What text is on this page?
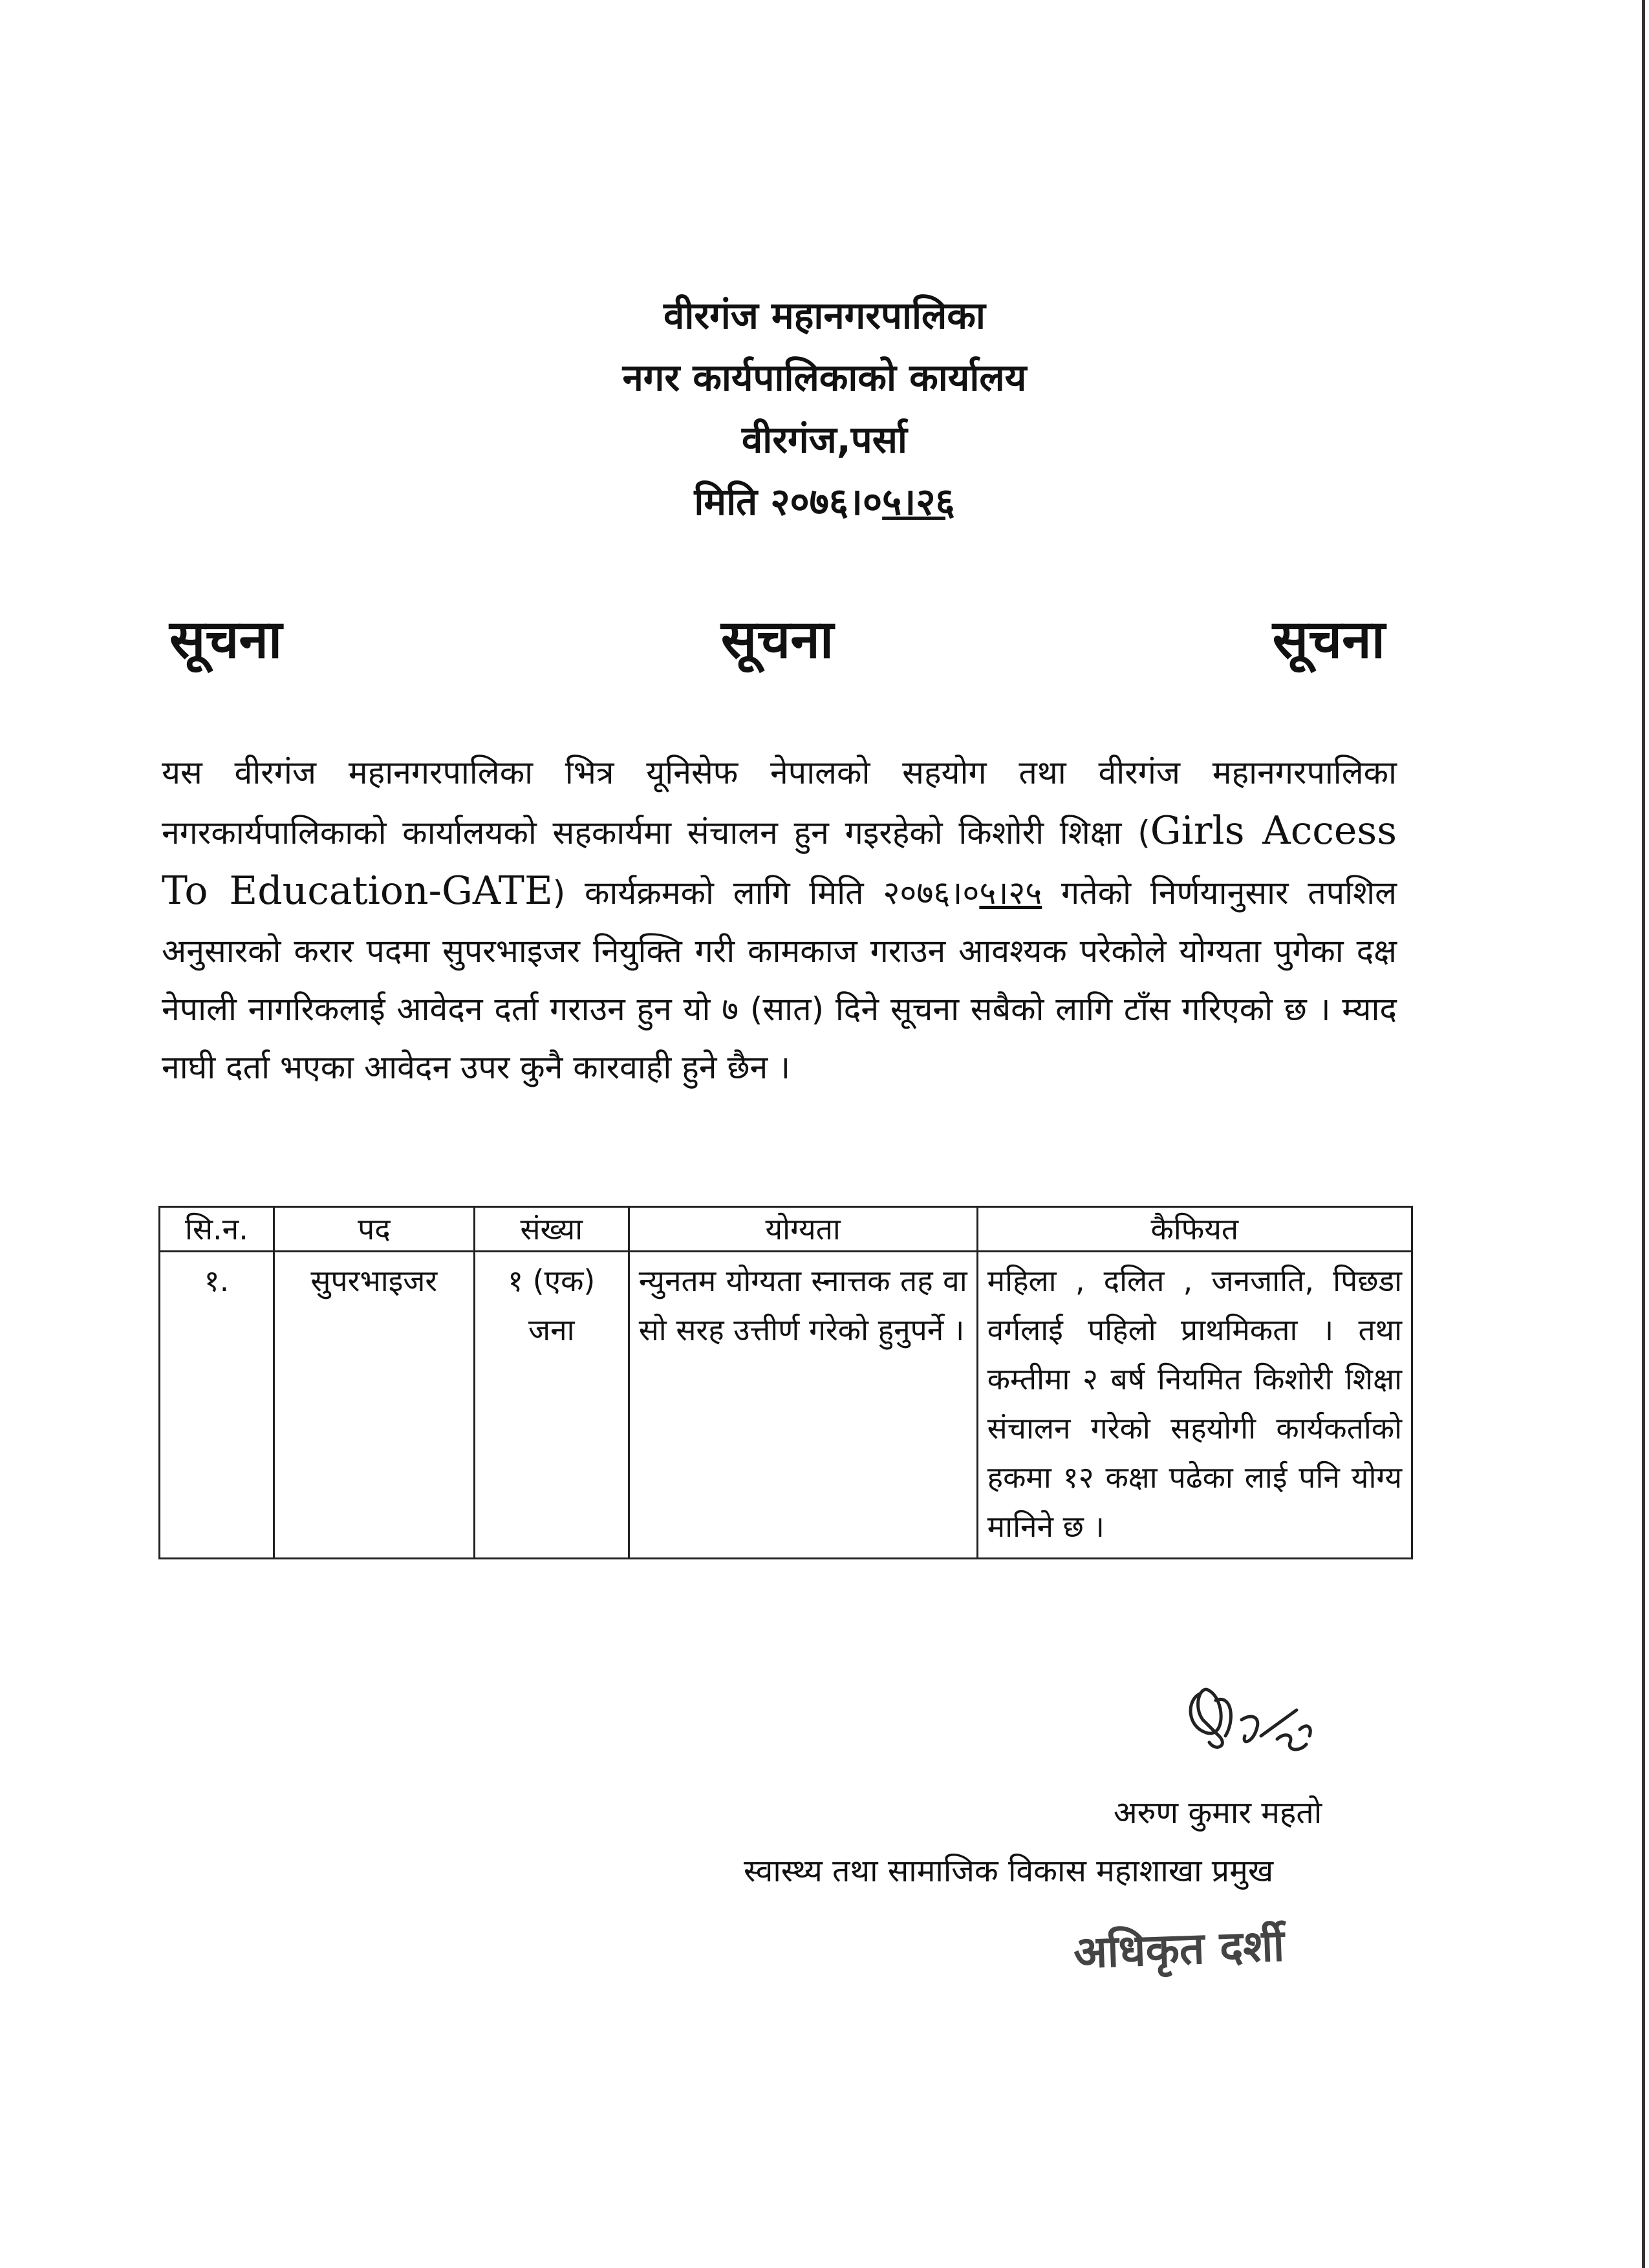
वीरगंज महानगरपालिका
नगर कार्यपालिकाको कार्यालय
वीरगंज,पर्सा
मिति २०७६।०५।२६
सूचना	सूचना	सूचना
यस वीरगंज महानगरपालिका भित्र यूनिसेफ नेपालको सहयोग तथा वीरगंज महानगरपालिका नगरकार्यपालिकाको कार्यालयको सहकार्यमा संचालन हुन गइरहेको किशोरी शिक्षा (Girls Access To Education-GATE) कार्यक्रमको लागि मिति २०७६।०५।२५ गतेको निर्णयानुसार तपशिल अनुसारको करार पदमा सुपरभाइजर नियुक्ति गरी कामकाज गराउन आवश्यक परेकोले योग्यता पुगेका दक्ष नेपाली नागरिकलाई आवेदन दर्ता गराउन हुन यो ७ (सात) दिने सूचना सबैको लागि टाँस गरिएको छ । म्याद नाघी दर्ता भएका आवेदन उपर कुनै कारवाही हुने छैन ।
सि.न.	पद	संख्या	योग्यता	कैफियत
१.	सुपरभाइजर	१ (एक) जना	न्युनतम योग्यता स्नात्तक तह वा सो सरह उत्तीर्ण गरेको हुनुपर्ने ।	महिला , दलित , जनजाति, पिछडा वर्गलाई पहिलो प्राथमिकता । तथा कम्तीमा २ बर्ष नियमित किशोरी शिक्षा संचालन गरेको सहयोगी कार्यकर्ताको हकमा १२ कक्षा पढेका लाई पनि योग्य मानिने छ ।
अरुण कुमार महतो
स्वास्थ्य तथा सामाजिक विकास महाशाखा प्रमुख
अधिकृत दर्शी
